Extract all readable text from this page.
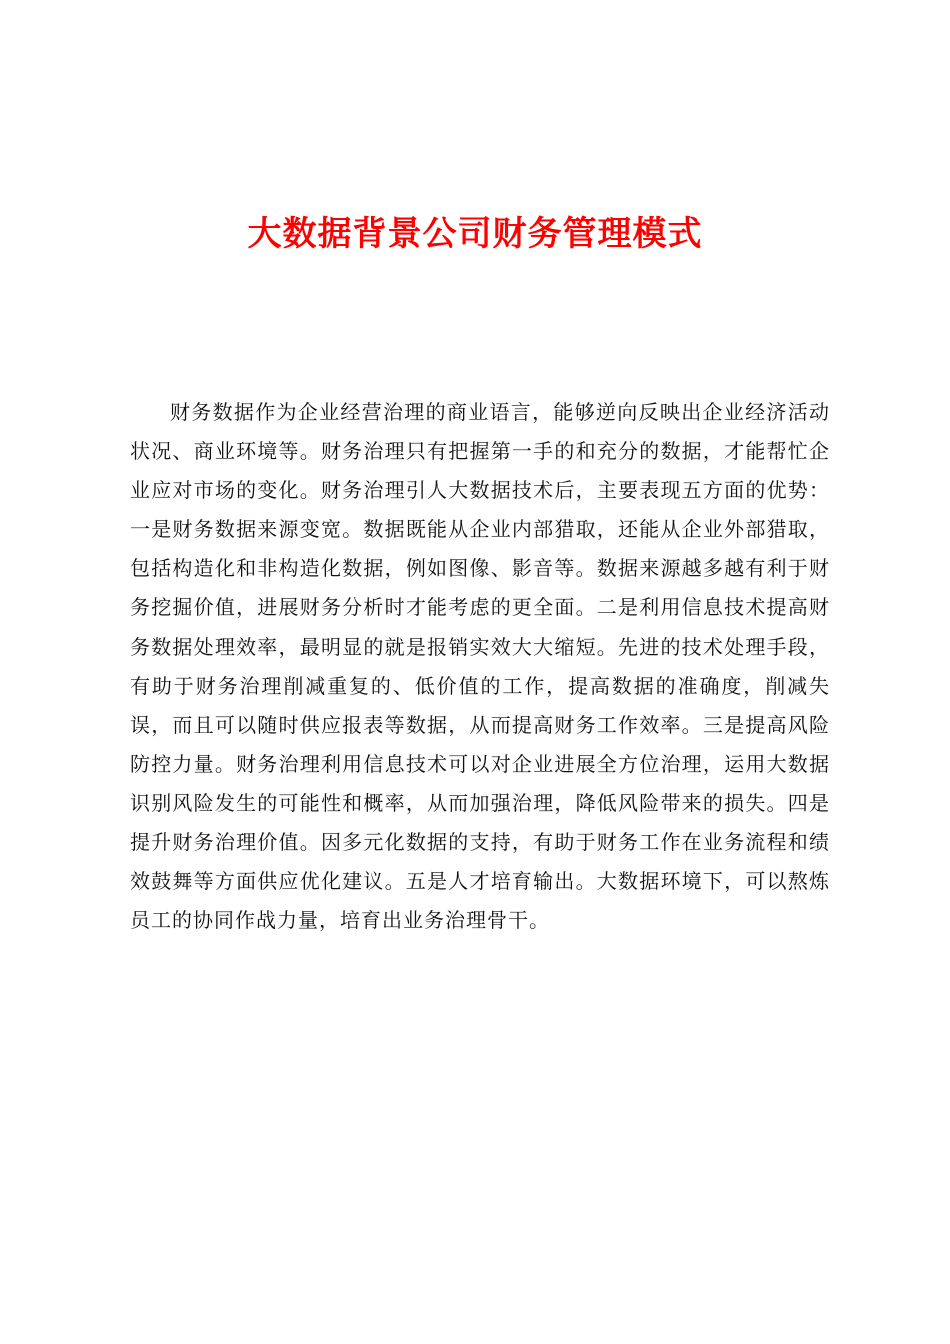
大数据背景公司财务管理模式

财务数据作为企业经营治理的商业语言，能够逆向反映出企业经济活动状况、商业环境等。财务治理只有把握第一手的和充分的数据，才能帮忙企业应对市场的变化。财务治理引人大数据技术后，主要表现五方面的优势：一是财务数据来源变宽。数据既能从企业内部猎取，还能从企业外部猎取，包括构造化和非构造化数据，例如图像、影音等。数据来源越多越有利于财务挖掘价值，进展财务分析时才能考虑的更全面。二是利用信息技术提高财务数据处理效率，最明显的就是报销实效大大缩短。先进的技术处理手段，有助于财务治理削减重复的、低价值的工作，提高数据的准确度，削减失误，而且可以随时供应报表等数据，从而提高财务工作效率。三是提高风险防控力量。财务治理利用信息技术可以对企业进展全方位治理，运用大数据识别风险发生的可能性和概率，从而加强治理，降低风险带来的损失。四是提升财务治理价值。因多元化数据的支持，有助于财务工作在业务流程和绩效鼓舞等方面供应优化建议。五是人才培育输出。大数据环境下，可以熬炼员工的协同作战力量，培育出业务治理骨干。
